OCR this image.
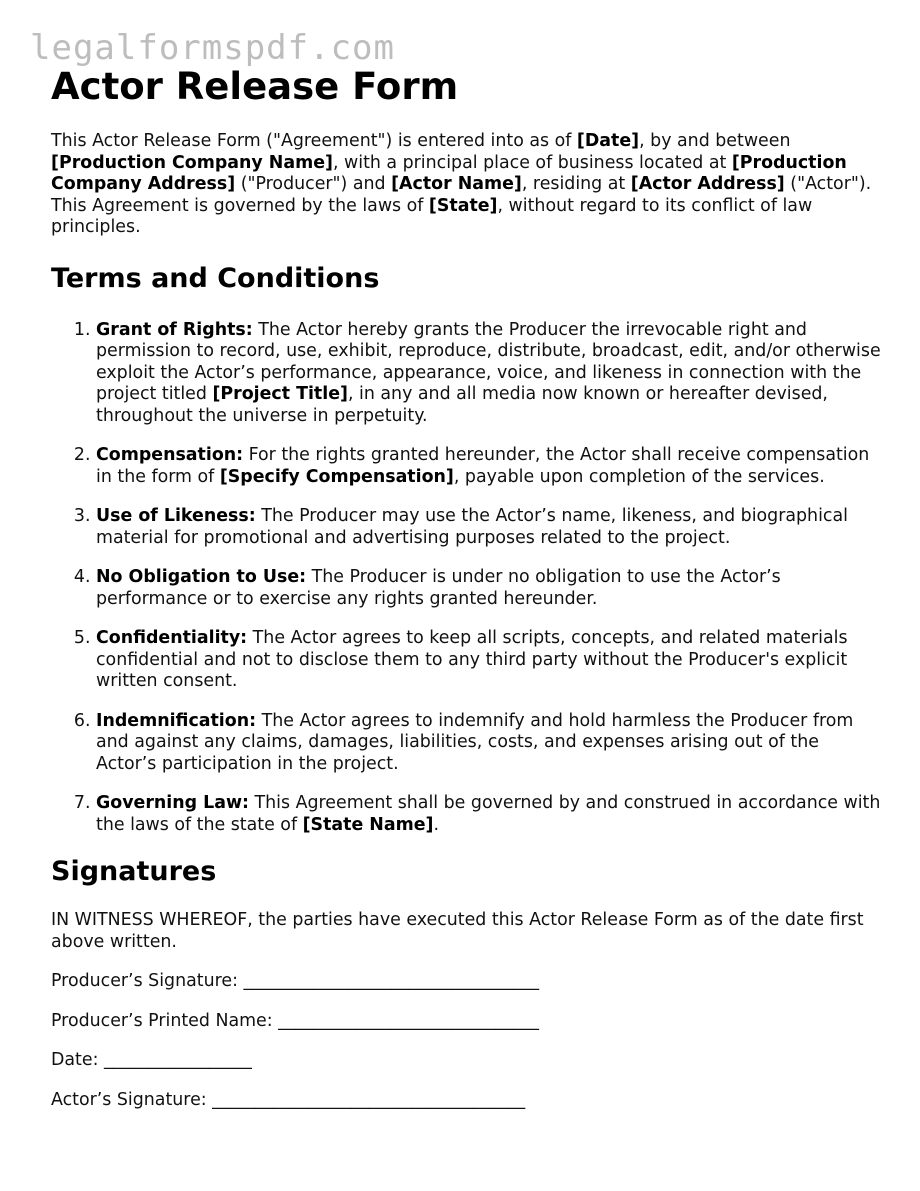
legalformspdf.com
Actor Release Form

This Actor Release Form ("Agreement") is entered into as of [Date], by and between [Production Company Name], with a principal place of business located at [Production Company Address] ("Producer") and [Actor Name], residing at [Actor Address] ("Actor"). This Agreement is governed by the laws of [State], without regard to its conflict of law principles.

Terms and Conditions
1. Grant of Rights: The Actor hereby grants the Producer the irrevocable right and permission to record, use, exhibit, reproduce, distribute, broadcast, edit, and/or otherwise exploit the Actor’s performance, appearance, voice, and likeness in connection with the project titled [Project Title], in any and all media now known or hereafter devised, throughout the universe in perpetuity.
2. Compensation: For the rights granted hereunder, the Actor shall receive compensation in the form of [Specify Compensation], payable upon completion of the services.
3. Use of Likeness: The Producer may use the Actor’s name, likeness, and biographical material for promotional and advertising purposes related to the project.
4. No Obligation to Use: The Producer is under no obligation to use the Actor’s performance or to exercise any rights granted hereunder.
5. Confidentiality: The Actor agrees to keep all scripts, concepts, and related materials confidential and not to disclose them to any third party without the Producer's explicit written consent.
6. Indemnification: The Actor agrees to indemnify and hold harmless the Producer from and against any claims, damages, liabilities, costs, and expenses arising out of the Actor’s participation in the project.
7. Governing Law: This Agreement shall be governed by and construed in accordance with the laws of the state of [State Name].
Signatures

IN WITNESS WHEREOF, the parties have executed this Actor Release Form as of the date first above written.

Producer’s Signature: __________________________________

Producer’s Printed Name: ______________________________

Date: _________________

Actor’s Signature: ____________________________________
